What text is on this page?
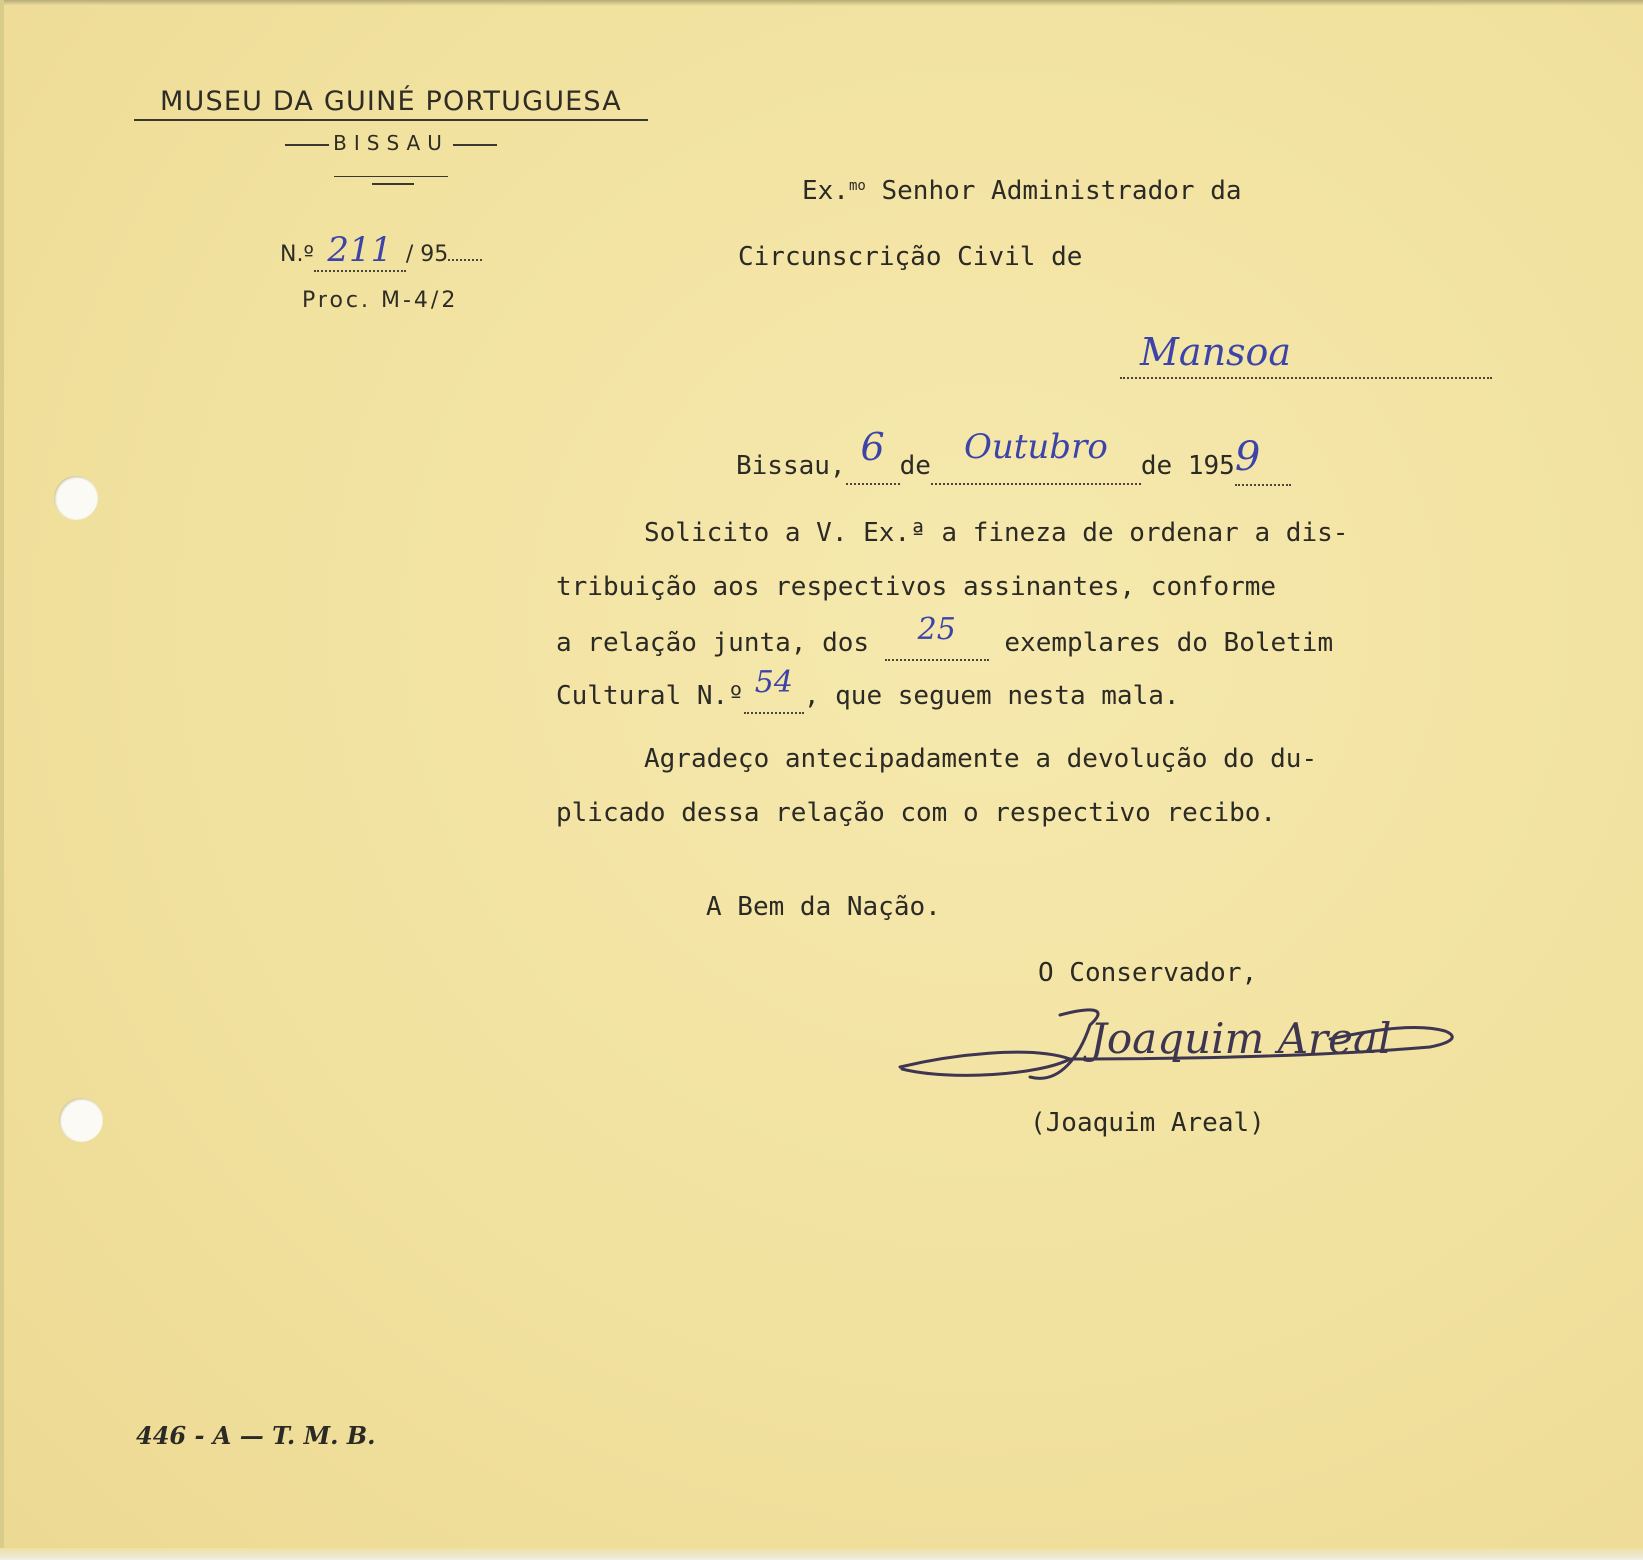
MUSEU DA GUINÉ PORTUGUESA
BISSAU
N.º 211 / 95
Proc. M-4/2
Ex.$^{mo}$ Senhor Administrador da
Circunscrição Civil de
Mansoa
Bissau, 6 de Outubro de 1959
Solicito a V. Ex.ª a fineza de ordenar a dis-
tribuição aos respectivos assinantes, conforme
a relação junta, dos 25 exemplares do Boletim
Cultural N.º 54 , que seguem nesta mala.
Agradeço antecipadamente a devolução do du-
plicado dessa relação com o respectivo recibo.
A Bem da Nação.
O Conservador,
Joaquim Areal
(Joaquim Areal)
446 - A — T. M. B.
